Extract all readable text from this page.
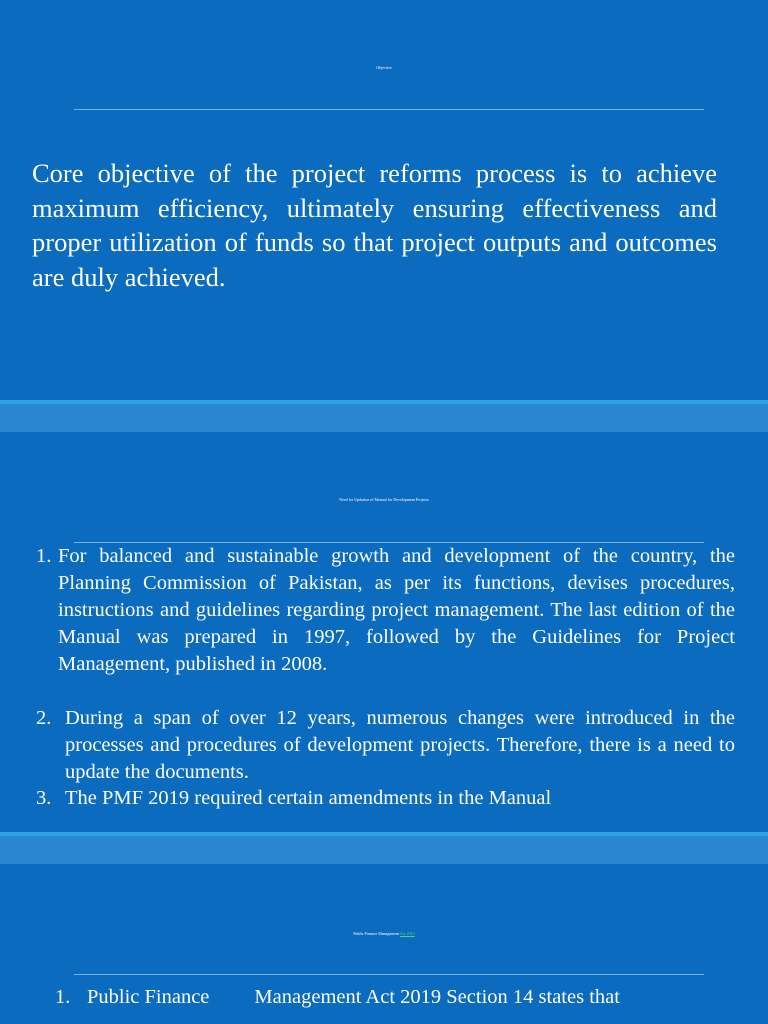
Objective

Core objective of the project reforms process is to achieve maximum efficiency, ultimately ensuring effectiveness and proper utilization of funds so that project outputs and outcomes are duly achieved.

Need for Updation of Manual for Development Projects
1. For balanced and sustainable growth and development of the country, the Planning Commission of Pakistan, as per its functions, devises procedures, instructions and guidelines regarding project management. The last edition of the Manual was prepared in 1997, followed by the Guidelines for Project Management, published in 2008.

2. During a span of over 12 years, numerous changes were introduced in the processes and procedures of development projects. Therefore, there is a need to update the documents.

3. The PMF 2019 required certain amendments in the Manual

Public Finance Management Act 2019
1. Public Finance Management Act 2019 Section 14 states that
